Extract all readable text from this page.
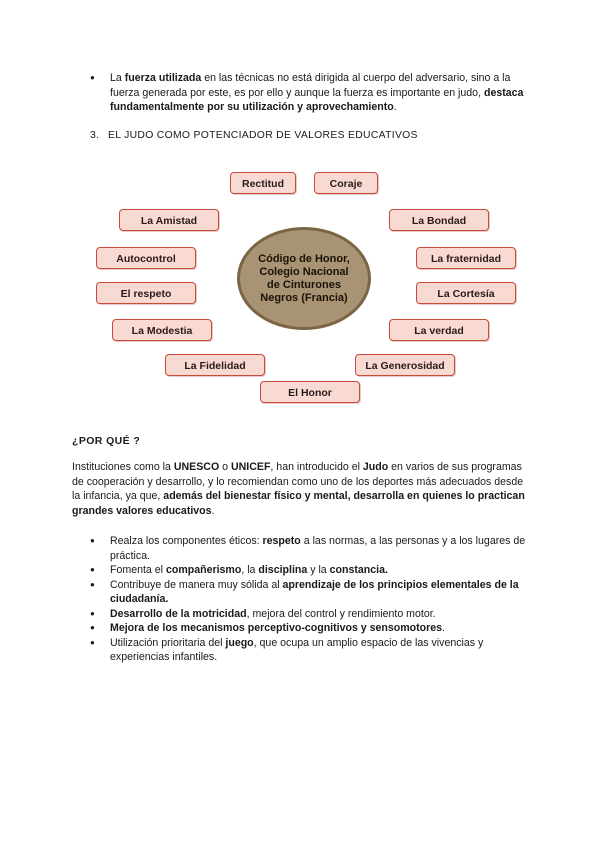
● La fuerza utilizada en las técnicas no está dirigida al cuerpo del adversario, sino a la fuerza generada por este, es por ello y aunque la fuerza es importante en judo, destaca fundamentalmente por su utilización y aprovechamiento.
3. EL JUDO COMO POTENCIADOR DE VALORES EDUCATIVOS
Rectitud	Coraje
La Amistad	La Bondad
Autocontrol	La fraternidad
El respeto	La Cortesía
La Modestia	La verdad
La Fidelidad	La Generosidad
El Honor
Código de Honor, Colegio Nacional de Cinturones Negros (Francia)
¿POR QUÉ ?

Instituciones como la UNESCO o UNICEF, han introducido el Judo en varios de sus programas de cooperación y desarrollo, y lo recomiendan como uno de los deportes más adecuados desde la infancia, ya que, además del bienestar físico y mental, desarrolla en quienes lo practican grandes valores educativos.

● Realza los componentes éticos: respeto a las normas, a las personas y a los lugares de práctica.
● Fomenta el compañerismo, la disciplina y la constancia.
● Contribuye de manera muy sólida al aprendizaje de los principios elementales de la ciudadanía.
● Desarrollo de la motricidad, mejora del control y rendimiento motor.
● Mejora de los mecanismos perceptivo-cognitivos y sensomotores.
● Utilización prioritaria del juego, que ocupa un amplio espacio de las vivencias y experiencias infantiles.
